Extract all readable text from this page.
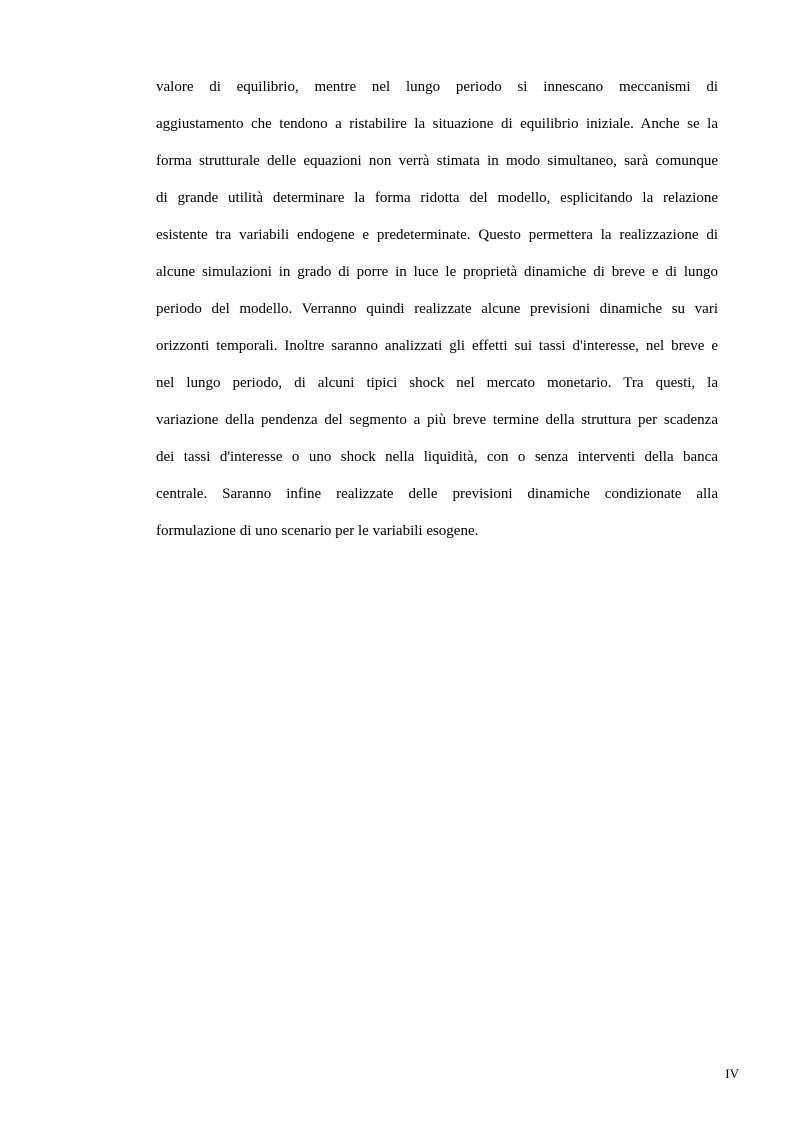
valore di equilibrio, mentre nel lungo periodo si innescano meccanismi di
aggiustamento che tendono a ristabilire la situazione di equilibrio iniziale. Anche se la
forma strutturale delle equazioni non verrà stimata in modo simultaneo, sarà comunque
di grande utilità determinare la forma ridotta del modello, esplicitando la relazione
esistente tra variabili endogene e predeterminate. Questo permettera la realizzazione di
alcune simulazioni in grado di porre in luce le proprietà dinamiche di breve e di lungo
periodo del modello. Verranno quindi realizzate alcune previsioni dinamiche su vari
orizzonti temporali. Inoltre saranno analizzati gli effetti sui tassi d'interesse, nel breve e
nel lungo periodo, di alcuni tipici shock nel mercato monetario. Tra questi, la
variazione della pendenza del segmento a più breve termine della struttura per scadenza
dei tassi d'interesse o uno shock nella liquidità, con o senza interventi della banca
centrale. Saranno infine realizzate delle previsioni dinamiche condizionate alla
formulazione di uno scenario per le variabili esogene.
IV
